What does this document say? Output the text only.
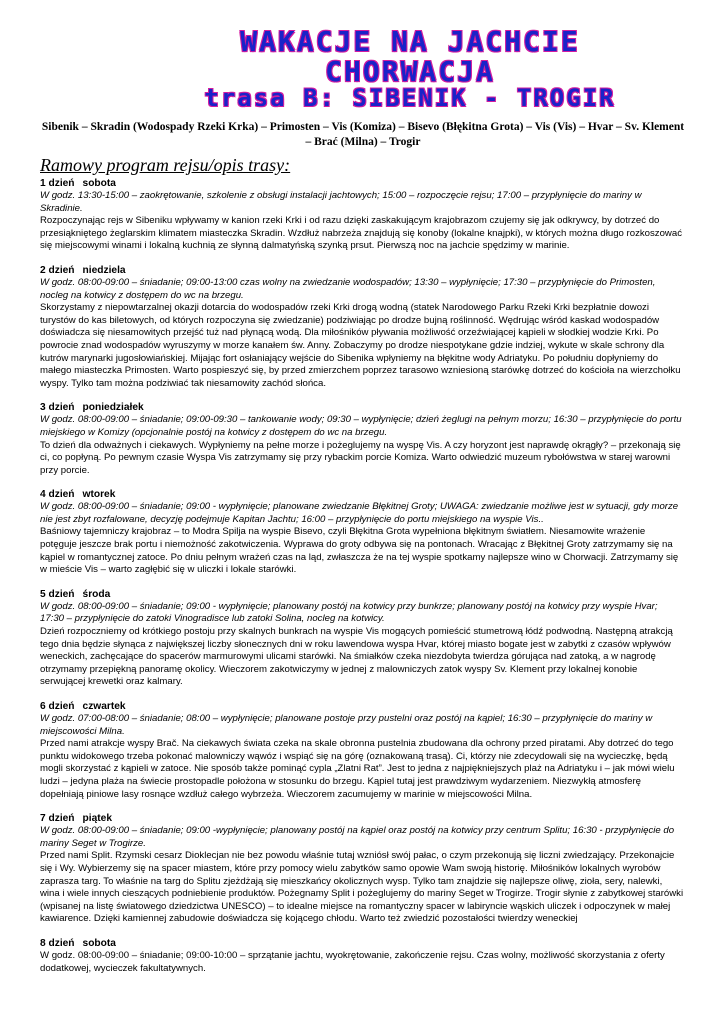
WAKACJE NA JACHCIE
CHORWACJA
trasa B: SIBENIK - TROGIR
Sibenik – Skradin (Wodospady Rzeki Krka) – Primosten – Vis (Komiza) – Bisevo (Błękitna Grota) – Vis (Vis) – Hvar – Sv. Klement – Brać (Milna) – Trogir
Ramowy program rejsu/opis trasy:
1 dzień sobota
W godz. 13:30-15:00 – zaokrętowanie, szkolenie z obsługi instalacji jachtowych; 15:00 – rozpoczęcie rejsu; 17:00 – przypłynięcie do mariny w Skradinie.
Rozpoczynając rejs w Sibeniku wpływamy w kanion rzeki Krki i od razu dzięki zaskakującym krajobrazom czujemy się jak odkrywcy, by dotrzeć do przesiąkniętego żeglarskim klimatem miasteczka Skradin. Wzdłuż nabrzeża znajdują się konoby (lokalne knajpki), w których można długo rozkoszować się miejscowymi winami i lokalną kuchnią ze słynną dalmatyńską szynką prsut. Pierwszą noc na jachcie spędzimy w marinie.
2 dzień niedziela
W godz. 08:00-09:00 – śniadanie; 09:00-13:00 czas wolny na zwiedzanie wodospadów; 13:30 – wypłynięcie; 17:30 – przypłynięcie do Primosten, nocleg na kotwicy z dostępem do wc na brzegu.
Skorzystamy z niepowtarzalnej okazji dotarcia do wodospadów rzeki Krki drogą wodną (statek Narodowego Parku Rzeki Krki bezpłatnie dowozi turystów do kas biletowych, od których rozpoczyna się zwiedzanie) podziwiając po drodze bujną roślinność. Wędrując wśród kaskad wodospadów doświadcza się niesamowitych przejść tuż nad płynącą wodą. Dla miłośników pływania możliwość orzeźwiającej kąpieli w słodkiej wodzie Krki. Po powrocie znad wodospadów wyruszymy w morze kanałem św. Anny. Zobaczymy po drodze niespotykane gdzie indziej, wykute w skale schrony dla kutrów marynarki jugosłowiańskiej. Mijając fort osłaniający wejście do Sibenika wpłyniemy na błękitne wody Adriatyku. Po południu dopłyniemy do małego miasteczka Primosten. Warto pospieszyć się, by przed zmierzchem poprzez tarasowo wzniesioną starówkę dotrzeć do kościoła na wierzchołku wyspy. Tylko tam można podziwiać tak niesamowity zachód słońca.
3 dzień poniedziałek
W godz. 08:00-09:00 – śniadanie; 09:00-09:30 – tankowanie wody; 09:30 – wypłynięcie; dzień żeglugi na pełnym morzu; 16:30 – przypłynięcie do portu miejskiego w Komizy (opcjonalnie postój na kotwicy z dostępem do wc na brzegu.
To dzień dla odważnych i ciekawych. Wypłyniemy na pełne morze i pożeglujemy na wyspę Vis. A czy horyzont jest naprawdę okrągły? – przekonają się ci, co popłyną. Po pewnym czasie Wyspa Vis zatrzymamy się przy rybackim porcie Komiza. Warto odwiedzić muzeum rybołówstwa w starej warowni przy porcie.
4 dzień wtorek
W godz. 08:00-09:00 – śniadanie; 09:00 - wypłynięcie; planowane zwiedzanie Błękitnej Groty; UWAGA: zwiedzanie możliwe jest w sytuacji, gdy morze nie jest zbyt rozfalowane, decyzję podejmuje Kapitan Jachtu; 16:00 – przypłynięcie do portu miejskiego na wyspie Vis..
Baśniowy tajemniczy krajobraz – to Modra Spilja na wyspie Bisevo, czyli Błękitna Grota wypełniona błękitnym światłem. Niesamowite wrażenie potęguje jeszcze brak portu i niemożność zakotwiczenia. Wyprawa do groty odbywa się na pontonach. Wracając z Błękitnej Groty zatrzymamy się na kąpiel w romantycznej zatoce. Po dniu pełnym wrażeń czas na ląd, zwłaszcza że na tej wyspie spotkamy najlepsze wino w Chorwacji. Zatrzymamy się w mieście Vis – warto zagłębić się w uliczki i lokale starówki.
5 dzień środa
W godz. 08:00-09:00 – śniadanie; 09:00 - wypłynięcie; planowany postój na kotwicy przy bunkrze; planowany postój na kotwicy przy wyspie Hvar; 17:30 – przypłynięcie do zatoki Vinogradisce lub zatoki Solina, nocleg na kotwicy.
Dzień rozpoczniemy od krótkiego postoju przy skalnych bunkrach na wyspie Vis mogących pomieścić stumetrową łódź podwodną. Następną atrakcją tego dnia będzie słynąca z największej liczby słonecznych dni w roku lawendowa wyspa Hvar, której miasto bogate jest w zabytki z czasów wpływów weneckich, zachęcające do spacerów marmurowymi ulicami starówki. Na śmiałków czeka niezdobyta twierdza górująca nad zatoką, a w nagrodę otrzymamy przepiękną panoramę okolicy. Wieczorem zakotwiczymy w jednej z malowniczych zatok wyspy Sv. Klement przy lokalnej konobie serwującej krewetki oraz kalmary.
6 dzień czwartek
W godz. 07:00-08:00 – śniadanie; 08:00 – wypłynięcie; planowane postoje przy pustelni oraz postój na kąpiel; 16:30 – przypłynięcie do mariny w miejscowości Milna.
Przed nami atrakcje wyspy Brač. Na ciekawych świata czeka na skale obronna pustelnia zbudowana dla ochrony przed piratami. Aby dotrzeć do tego punktu widokowego trzeba pokonać malowniczy wąwóz i wspiąć się na górę (oznakowaną trasą). Ci, którzy nie zdecydowali się na wycieczkę, będą mogli skorzystać z kąpieli w zatoce. Nie sposób także pominąć cypla „Zlatni Rat”. Jest to jedna z najpiękniejszych plaż na Adriatyku i – jak mówi wielu ludzi – jedyna plaża na świecie prostopadle położona w stosunku do brzegu. Kąpiel tutaj jest prawdziwym wydarzeniem. Niezwykłą atmosferę dopełniają piniowe lasy rosnące wzdłuż całego wybrzeża. Wieczorem zacumujemy w marinie w miejscowości Milna.
7 dzień piątek
W godz. 08:00-09:00 – śniadanie; 09:00 -wypłynięcie; planowany postój na kąpiel oraz postój na kotwicy przy centrum Splitu; 16:30 - przypłynięcie do mariny Seget w Trogirze.
Przed nami Split. Rzymski cesarz Dioklecjan nie bez powodu właśnie tutaj wzniósł swój pałac, o czym przekonują się liczni zwiedzający. Przekonajcie się i Wy. Wybierzemy się na spacer miastem, które przy pomocy wielu zabytków samo opowie Wam swoją historię. Miłośników lokalnych wyrobów zaprasza targ. To właśnie na targ do Splitu zjeżdżają się mieszkańcy okolicznych wysp. Tylko tam znajdzie się najlepsze oliwę, zioła, sery, nalewki, wina i wiele innych cieszących podniebienie produktów. Pożegnamy Split i pożeglujemy do mariny Seget w Trogirze. Trogir słynie z zabytkowej starówki (wpisanej na listę światowego dziedzictwa UNESCO) – to idealne miejsce na romantyczny spacer w labiryncie wąskich uliczek i odpoczynek w małej kawiarence. Dzięki kamiennej zabudowie doświadcza się kojącego chłodu. Warto też zwiedzić pozostałości twierdzy weneckiej
8 dzień sobota
W godz. 08:00-09:00 – śniadanie; 09:00-10:00 – sprzątanie jachtu, wyokrętowanie, zakończenie rejsu. Czas wolny, możliwość skorzystania z oferty dodatkowej, wycieczek fakultatywnych.
